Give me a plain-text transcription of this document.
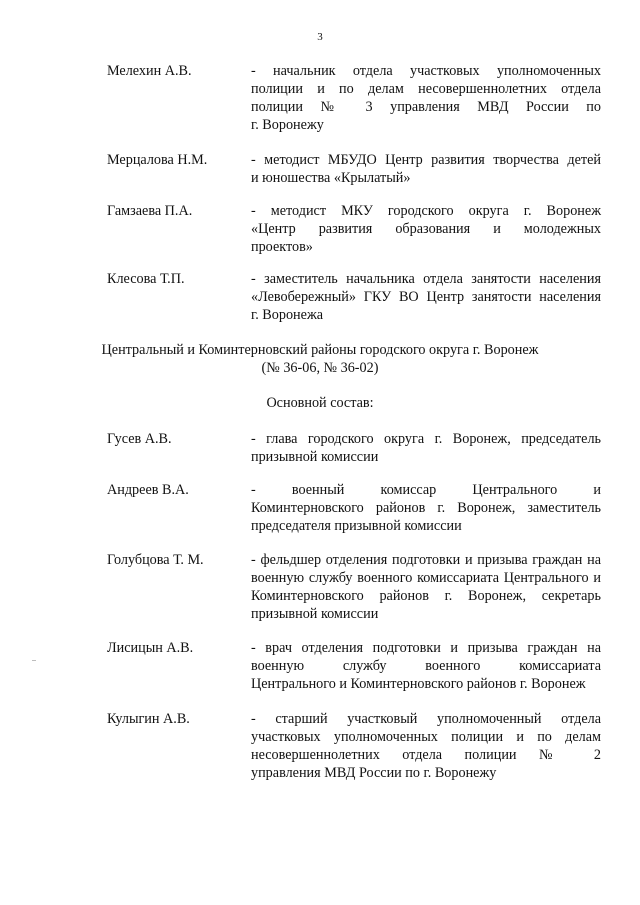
3
Мелехин А.В.	- начальник отдела участковых уполномоченных
полиции и по делам несовершеннолетних отдела
полиции № 3 управления МВД России по
г. Воронежу
Мерцалова Н.М.	- методист МБУДО Центр развития творчества детей
и юношества «Крылатый»
Гамзаева П.А.	- методист МКУ городского округа г. Воронеж
«Центр развития образования и молодежных
проектов»
Клесова Т.П.	- заместитель начальника отдела занятости населения
«Левобережный» ГКУ ВО Центр занятости населения
г. Воронежа
Центральный и Коминтерновский районы городского округа г. Воронеж
(№ 36-06, № 36-02)
Основной состав:
Гусев А.В.	- глава городского округа г. Воронеж, председатель
призывной комиссии
Андреев В.А.	- военный комиссар Центрального и
Коминтерновского районов г. Воронеж, заместитель
председателя призывной комиссии
Голубцова Т. М.	- фельдшер отделения подготовки и призыва граждан на
военную службу военного комиссариата Центрального и
Коминтерновского районов г. Воронеж, секретарь
призывной комиссии
Лисицын А.В.	- врач отделения подготовки и призыва граждан на
военную службу военного комиссариата
Центрального и Коминтерновского районов г. Воронеж
Кулыгин А.В.	- старший участковый уполномоченный отдела
участковых уполномоченных полиции и по делам
несовершеннолетних отдела полиции № 2
управления МВД России по г. Воронежу
